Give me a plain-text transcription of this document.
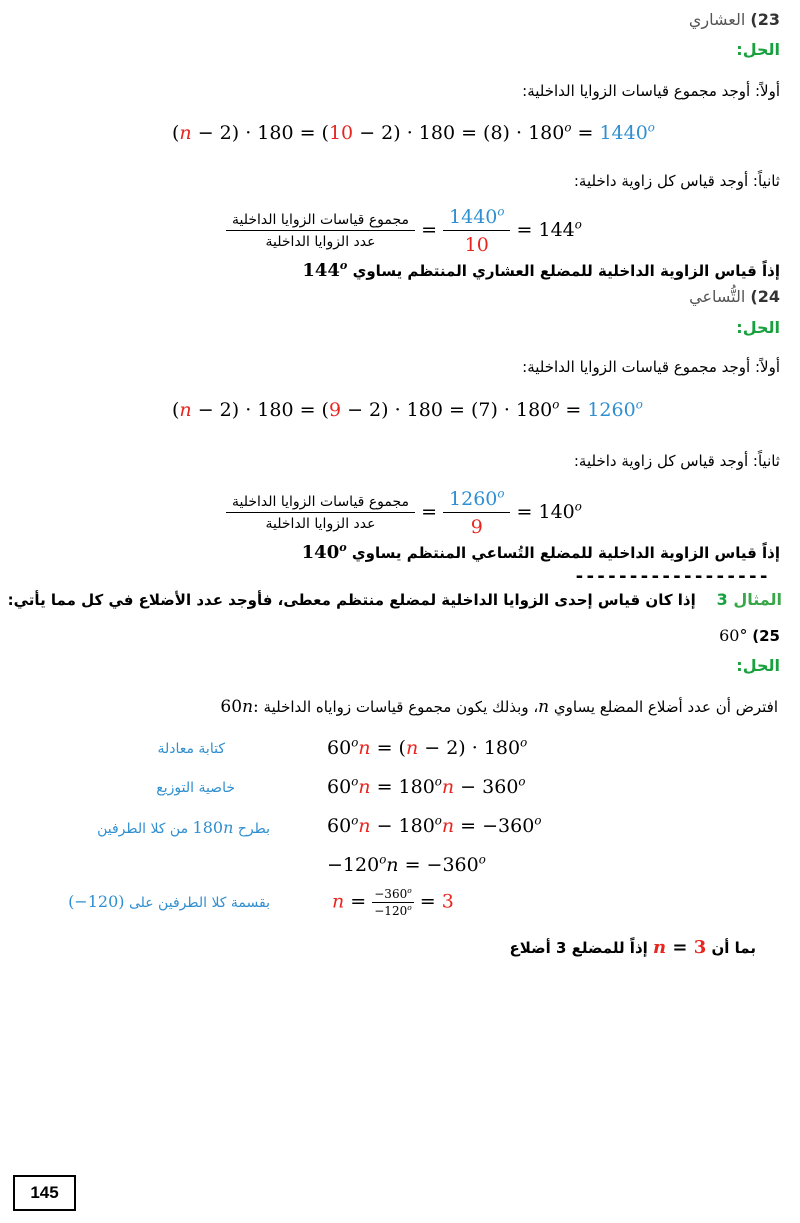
23) العشاري
الحل:
أولاً: أوجد مجموع قياسات الزوايا الداخلية:
$(n - 2) \cdot 180 = (10 - 2) \cdot 180 = (8) \cdot 180^o = 1440^o$
ثانياً: أوجد قياس كل زاوية داخلية:
$\frac{\text{مجموع قياسات الزوايا الداخلية}}{\text{عدد الزوايا الداخلية}} = \frac{1440^o}{10} = 144^o$
إذاً قياس الزاوية الداخلية للمضلع العشاري المنتظم يساوي 144$^o$
24) التُّساعي
الحل:
أولاً: أوجد مجموع قياسات الزوايا الداخلية:
$(n - 2) \cdot 180 = (9 - 2) \cdot 180 = (7) \cdot 180^o = 1260^o$
ثانياً: أوجد قياس كل زاوية داخلية:
$\frac{\text{مجموع قياسات الزوايا الداخلية}}{\text{عدد الزوايا الداخلية}} = \frac{1260^o}{9} = 140^o$
إذاً قياس الزاوية الداخلية للمضلع التُساعي المنتظم يساوي 140$^o$
------------------
المثال 3    إذا كان قياس إحدى الزوايا الداخلية لمضلع منتظم معطى، فأوجد عدد الأضلاع في كل مما يأتي:
60° (25
الحل:
افترض أن عدد أضلاع المضلع يساوي n، وبذلك يكون مجموع قياسات زواياه الداخلية 60n:
$60^on = (n - 2) \cdot 180^o$
كتابة معادلة
$60^on = 180^on - 360^o$
خاصية التوزيع
$60^on - 180^on = -360^o$
بطرح 180n من كلا الطرفين
$-120^on = -360^o$
$n = \frac{-360^o}{-120^o} = 3$
بقسمة كلا الطرفين على (−120)
بما أن n = 3 إذاً للمضلع 3 أضلاع
145
